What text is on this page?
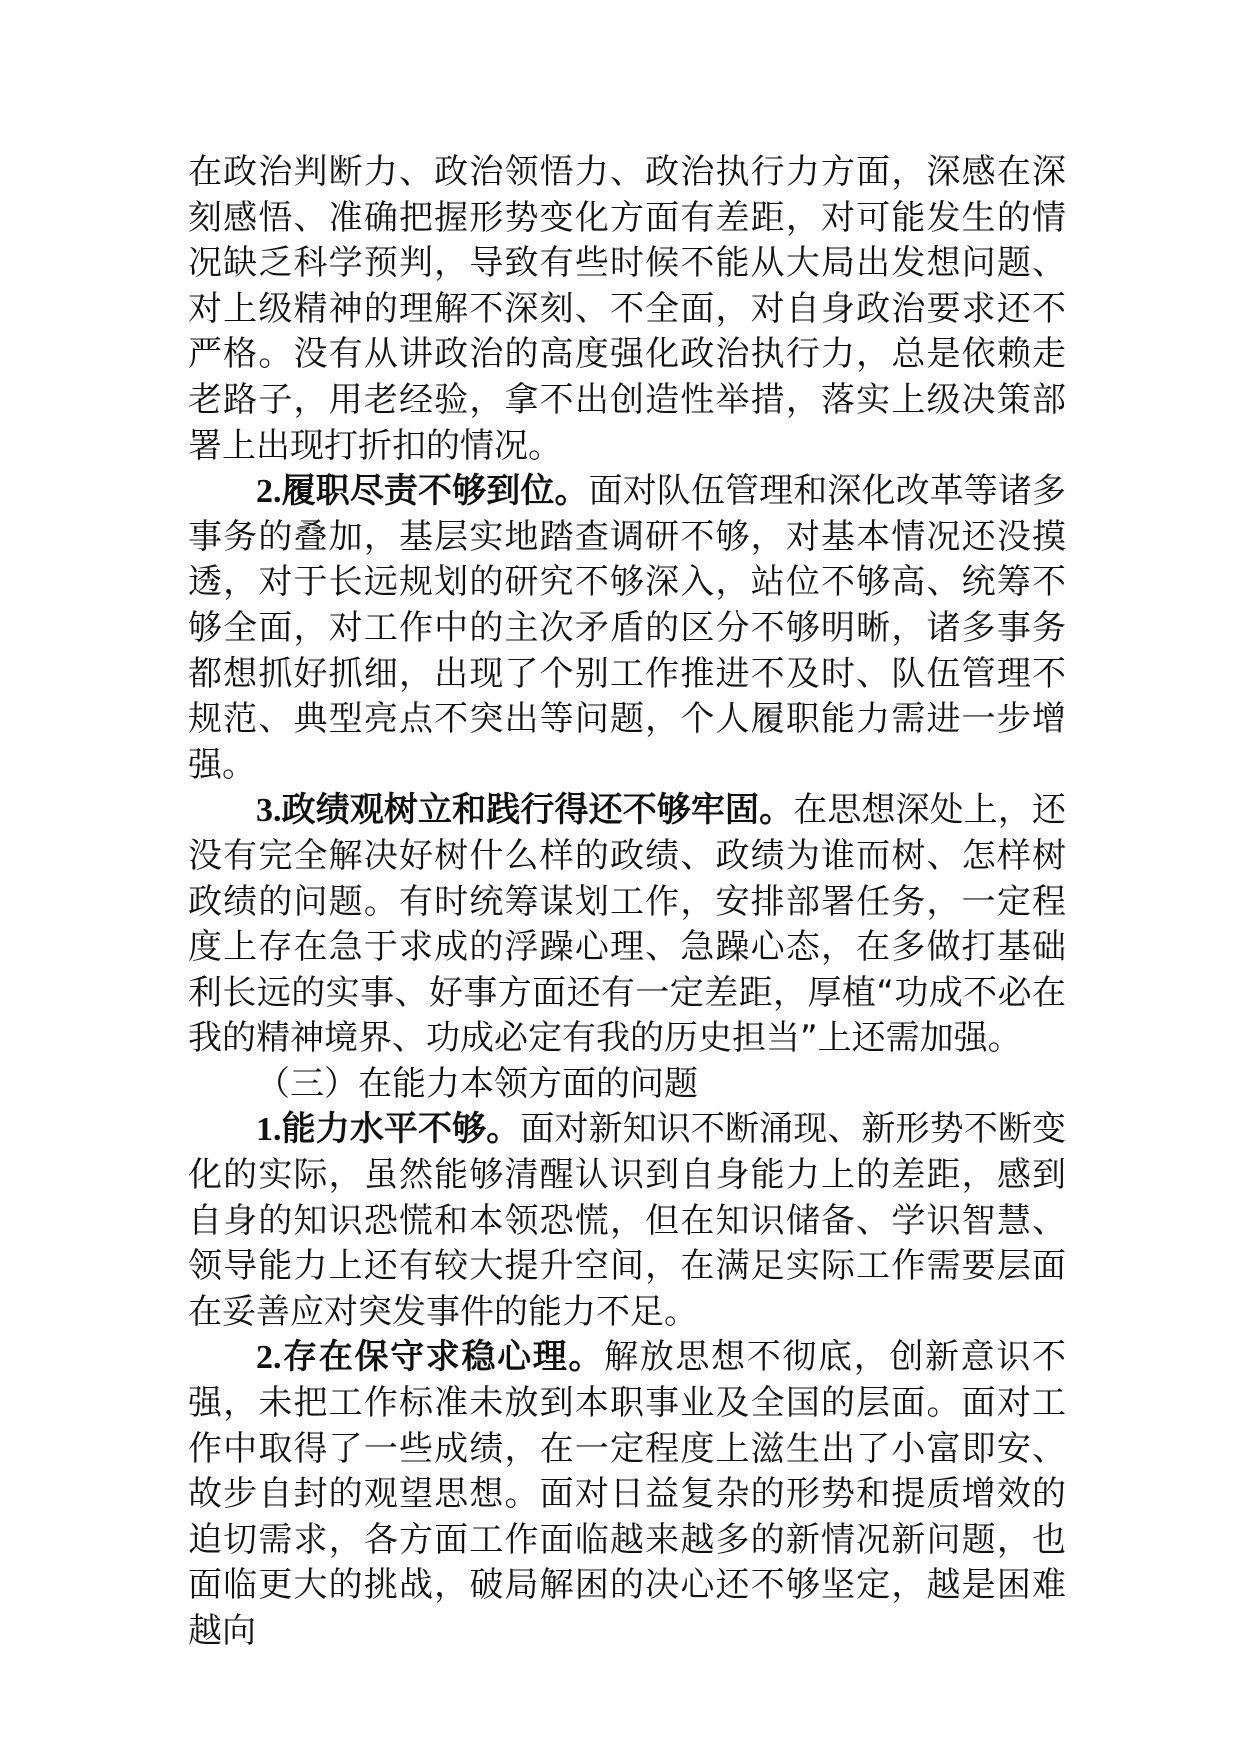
在政治判断力、政治领悟力、政治执行力方面，深感在深刻感悟、准确把握形势变化方面有差距，对可能发生的情况缺乏科学预判，导致有些时候不能从大局出发想问题、对上级精神的理解不深刻、不全面，对自身政治要求还不严格。没有从讲政治的高度强化政治执行力，总是依赖走老路子，用老经验，拿不出创造性举措，落实上级决策部署上出现打折扣的情况。

2.履职尽责不够到位。面对队伍管理和深化改革等诸多事务的叠加，基层实地踏查调研不够，对基本情况还没摸透，对于长远规划的研究不够深入，站位不够高、统筹不够全面，对工作中的主次矛盾的区分不够明晰，诸多事务都想抓好抓细，出现了个别工作推进不及时、队伍管理不规范、典型亮点不突出等问题，个人履职能力需进一步增强。

3.政绩观树立和践行得还不够牢固。在思想深处上，还没有完全解决好树什么样的政绩、政绩为谁而树、怎样树政绩的问题。有时统筹谋划工作，安排部署任务，一定程度上存在急于求成的浮躁心理、急躁心态，在多做打基础利长远的实事、好事方面还有一定差距，厚植“功成不必在我的精神境界、功成必定有我的历史担当”上还需加强。

（三）在能力本领方面的问题

1.能力水平不够。面对新知识不断涌现、新形势不断变化的实际，虽然能够清醒认识到自身能力上的差距，感到自身的知识恐慌和本领恐慌，但在知识储备、学识智慧、领导能力上还有较大提升空间，在满足实际工作需要层面在妥善应对突发事件的能力不足。

2.存在保守求稳心理。解放思想不彻底，创新意识不强，未把工作标准未放到本职事业及全国的层面。面对工作中取得了一些成绩，在一定程度上滋生出了小富即安、故步自封的观望思想。面对日益复杂的形势和提质增效的迫切需求，各方面工作面临越来越多的新情况新问题，也面临更大的挑战，破局解困的决心还不够坚定，越是困难越向
